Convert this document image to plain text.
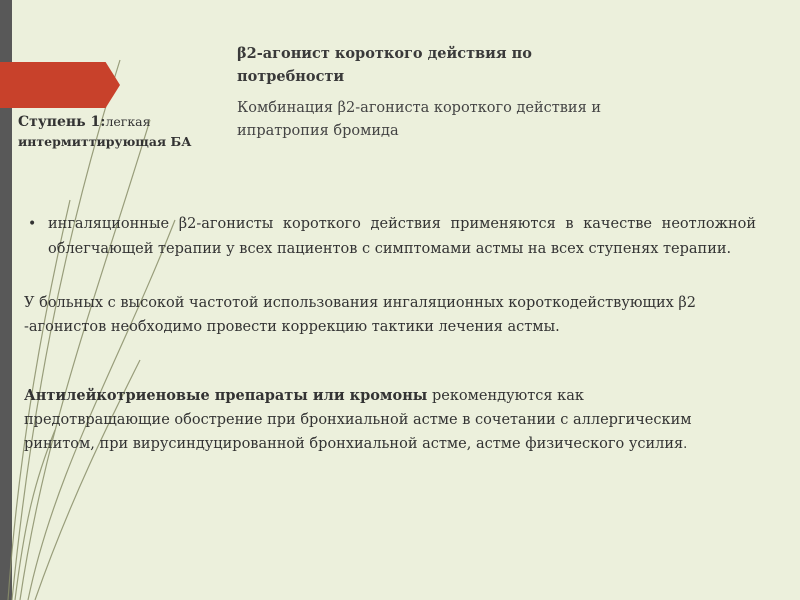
Ступень 1:легкая
интермиттирующая БА
β2-агонист короткого действия по потребности
Комбинация β2-агониста короткого действия и ипратропия бромида
• ингаляционные β2-агонисты короткого действия применяются в качестве неотложной облегчающей терапии у всех пациентов с симптомами астмы на всех ступенях терапии.
У больных с высокой частотой использования ингаляционных короткодействующих β2 -агонистов необходимо провести коррекцию тактики лечения астмы.
Антилейкотриеновые препараты или кромоны рекомендуются как предотвращающие обострение при бронхиальной астме в сочетании с аллергическим ринитом, при вирусиндуцированной бронхиальной астме, астме физического усилия.
